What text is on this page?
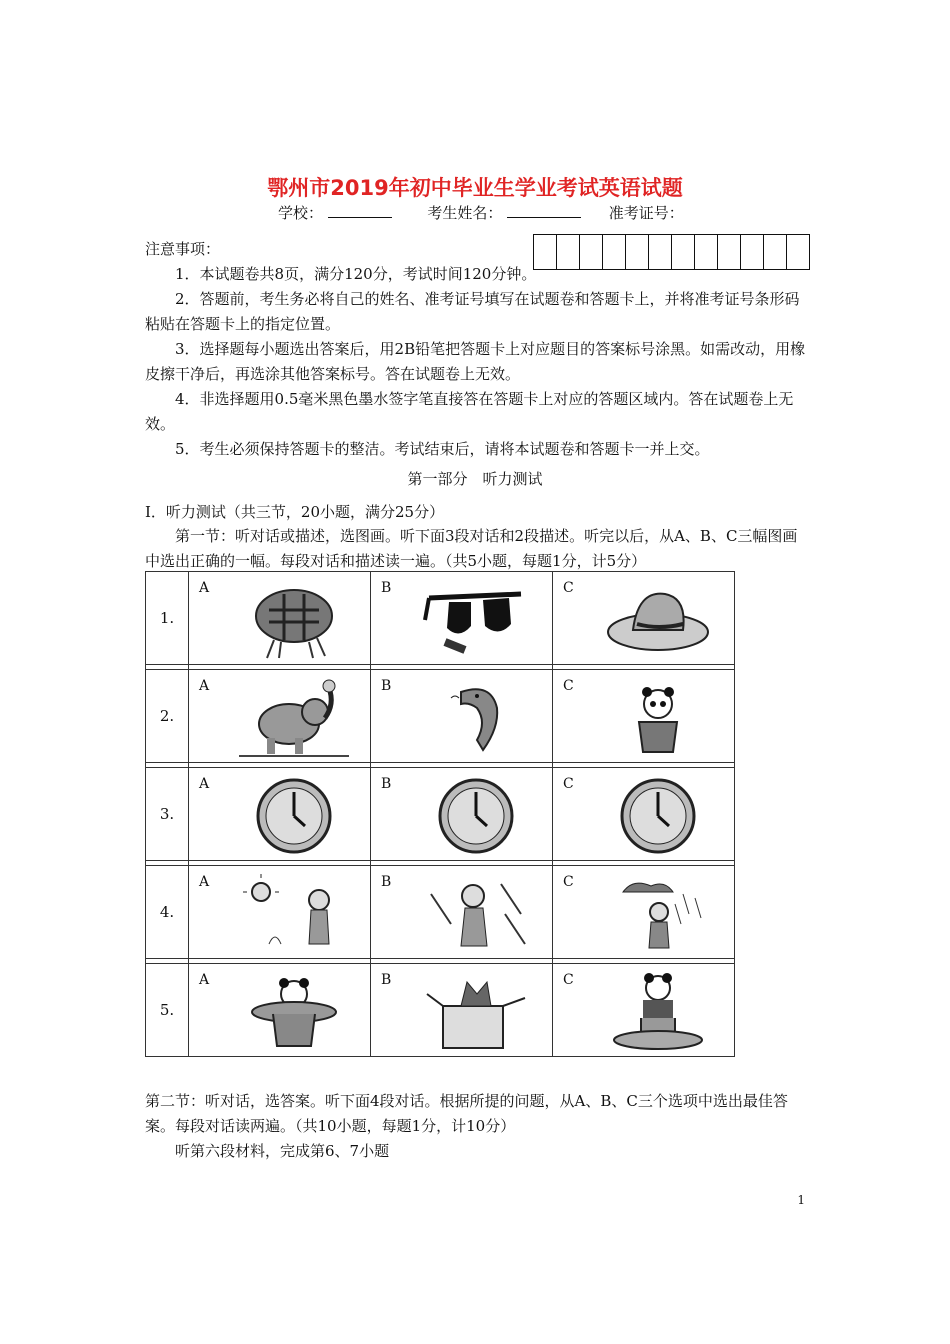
鄂州市2019年初中毕业生学业考试英语试题
学校：	考生姓名：	准考证号：
注意事项：
1．本试题卷共8页，满分120分，考试时间120分钟。
2．答题前，考生务必将自己的姓名、准考证号填写在试题卷和答题卡上，并将准考证号条形码粘贴在答题卡上的指定位置。
3．选择题每小题选出答案后，用2B铅笔把答题卡上对应题目的答案标号涂黑。如需改动，用橡皮擦干净后，再选涂其他答案标号。答在试题卷上无效。
4．非选择题用0.5毫米黑色墨水签字笔直接答在答题卡上对应的答题区域内。答在试题卷上无效。
5．考生必须保持答题卡的整洁。考试结束后，请将本试题卷和答题卡一并上交。
第一部分　听力测试
Ⅰ．听力测试（共三节，20小题，满分25分）
第一节：听对话或描述，选图画。听下面3段对话和2段描述。听完以后，从A、B、C三幅图画中选出正确的一幅。每段对话和描述读一遍。（共5小题，每题1分，计5分）
1.	A	B	C

2.	A	B	C

3.	A	B	C

4.	A	B	C

5.	A	B	C
第二节：听对话，选答案。听下面4段对话。根据所提的问题，从A、B、C三个选项中选出最佳答案。每段对话读两遍。（共10小题，每题1分，计10分）
听第六段材料，完成第6、7小题
1
